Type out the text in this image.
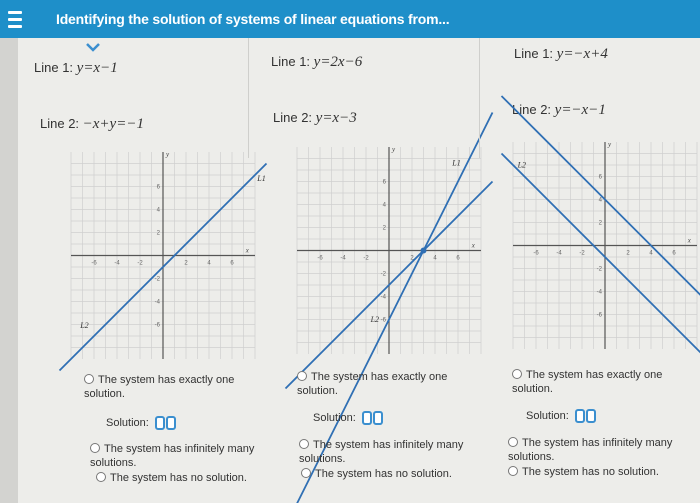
Identifying the solution of systems of linear equations from...
Line 1: y=x−1
Line 2: −x+y=−1
-6
-6
-4
-4
-2
-2
2
2
4
4
6
6
x
y
L1
L2
The system has exactly one solution.
Solution:
The system has infinitely many solutions.
The system has no solution.
Line 1: y=2x−6
Line 2: y=x−3
-6
-6
-4
-4
-2
-2
2
2
4
4
6
6
x
y
L1
L2
The system has exactly one solution.
Solution:
The system has infinitely many solutions.
The system has no solution.
Line 1: y=−x+4
Line 2: y=−x−1
-6
-6
-4
-4
-2
-2
2
2
4
4
6
6
x
y
L2
The system has exactly one solution.
Solution:
The system has infinitely many solutions.
The system has no solution.
